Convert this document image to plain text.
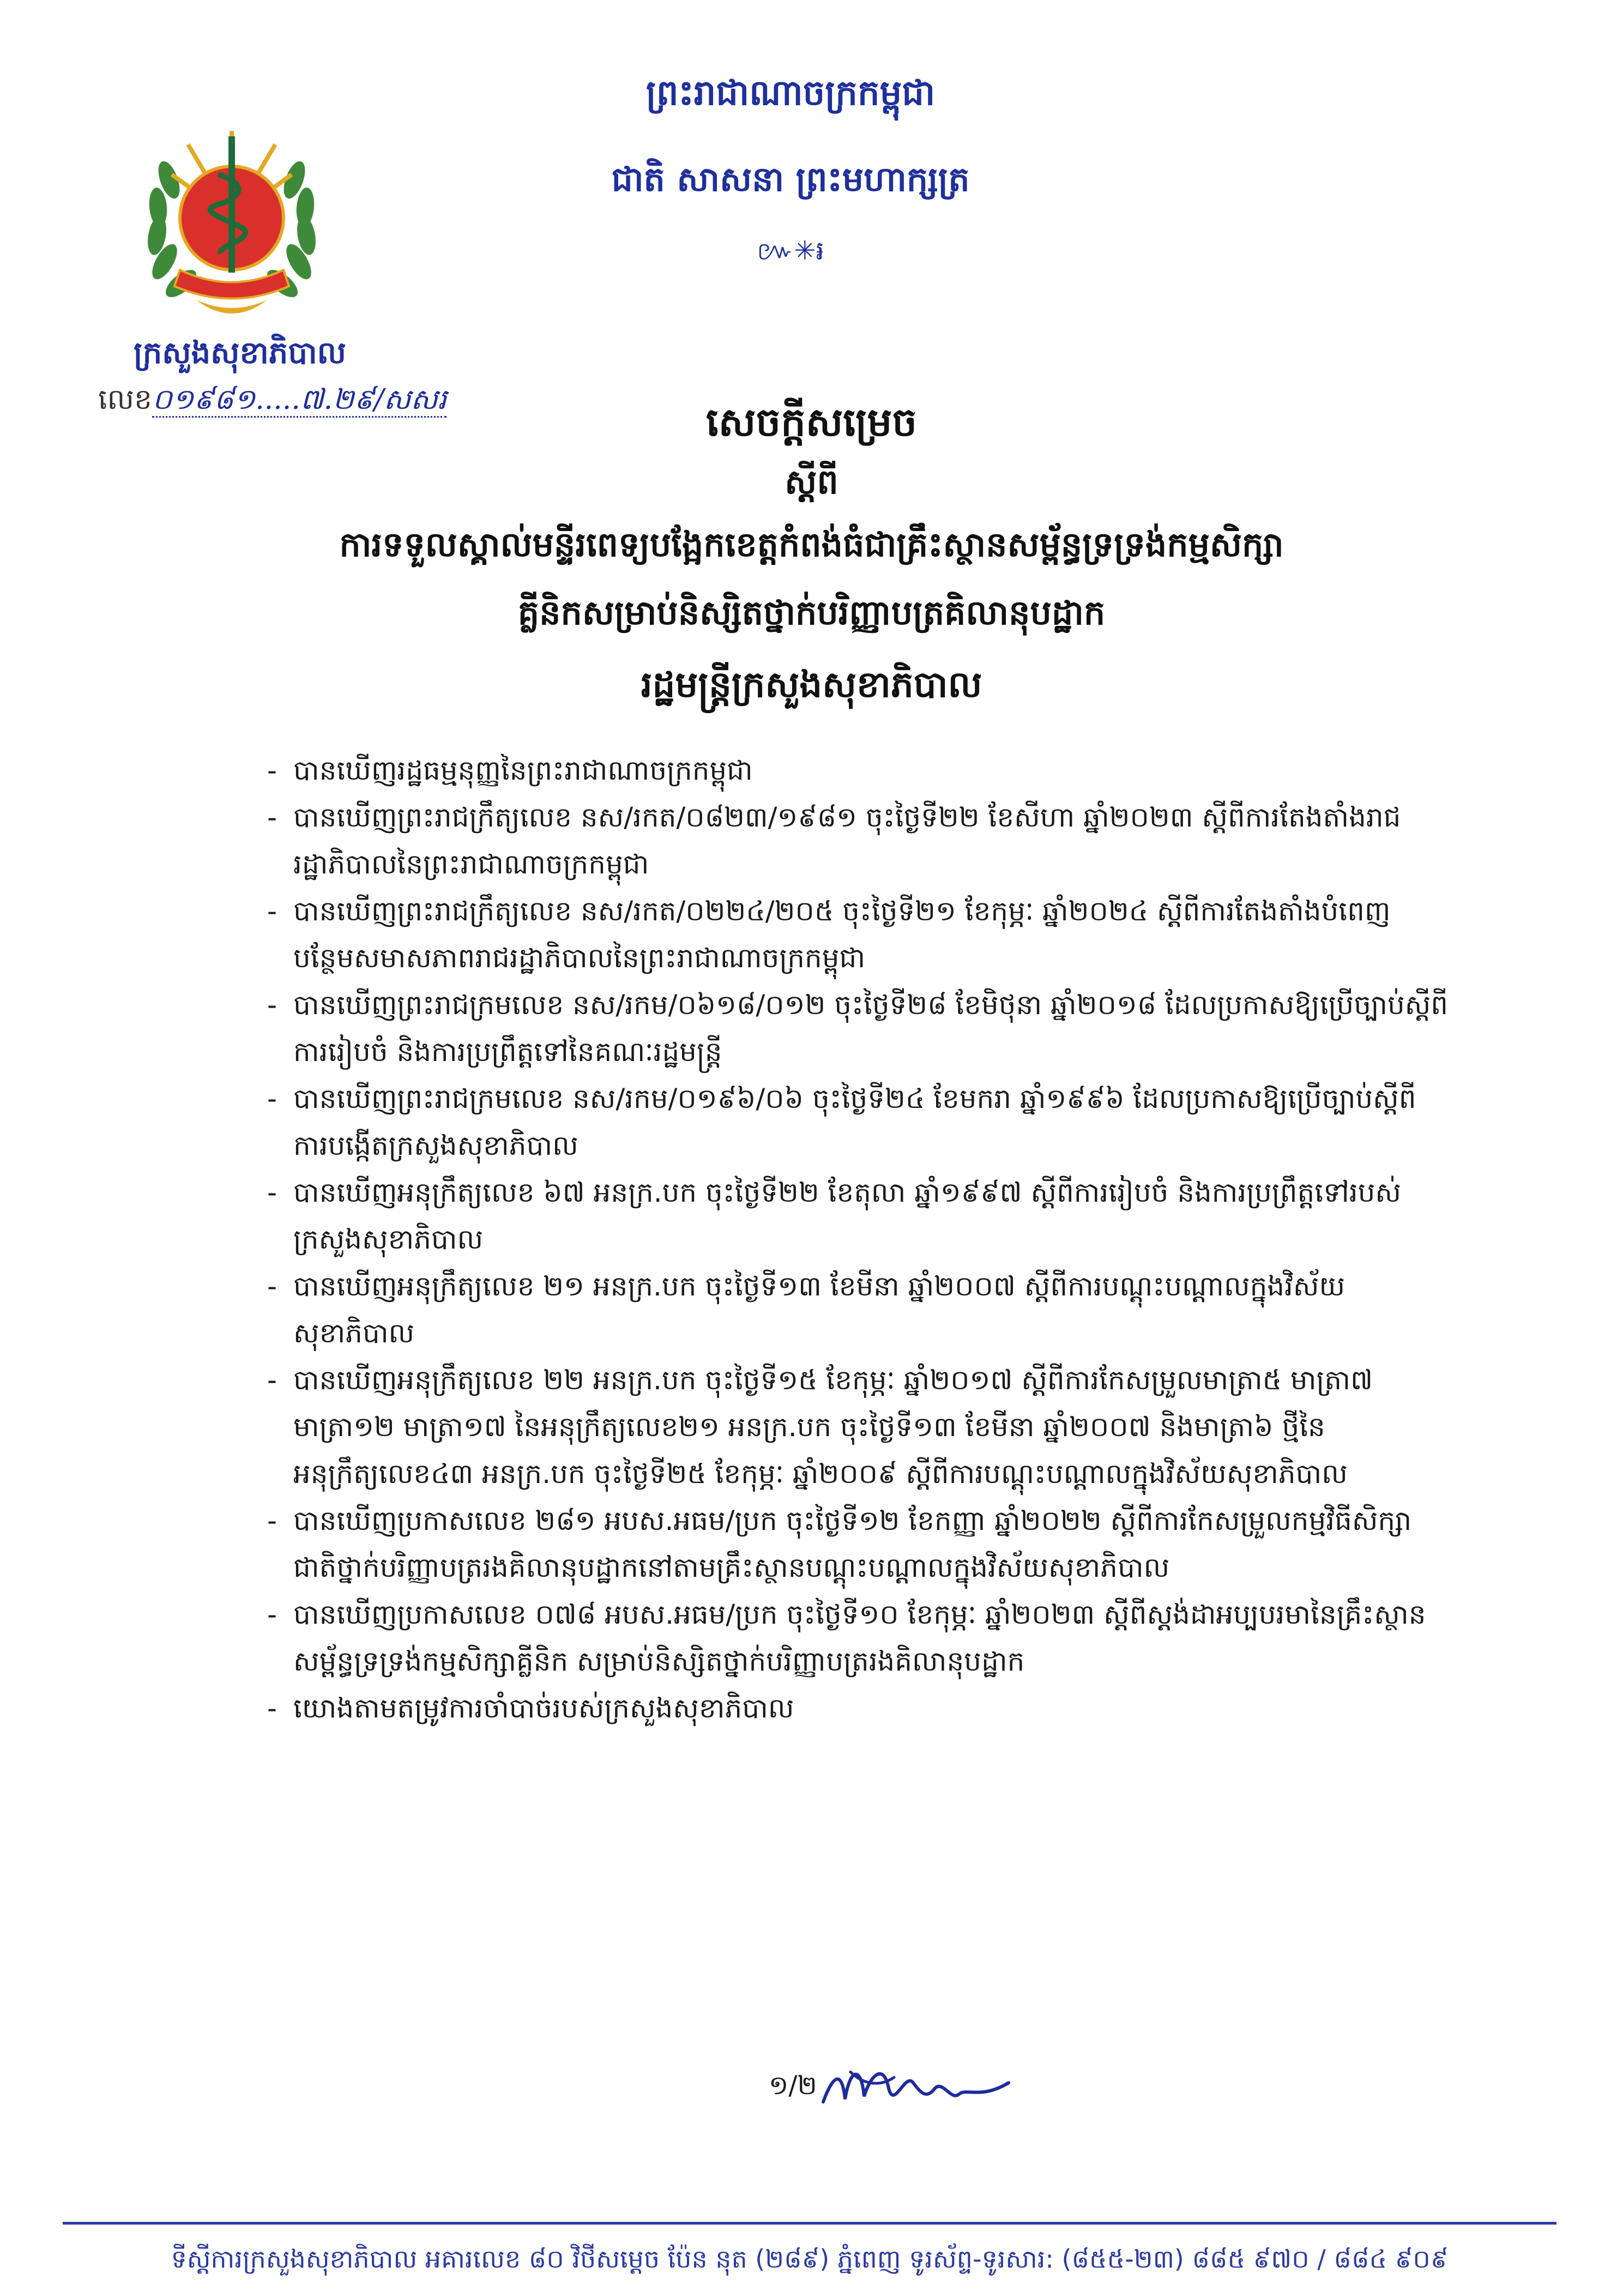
ក្រសួងសុខាភិបាល
លេខ០១៩៨១.....៧.២៩/សសរ
ព្រះរាជាណាចក្រកម្ពុជា
ជាតិ សាសនា ព្រះមហាក្សត្រ
៚✳៛
សេចក្ដីសម្រេច
ស្ដីពី
ការទទួលស្គាល់មន្ទីរពេទ្យបង្អែកខេត្តកំពង់ធំជាគ្រឹះស្ថានសម្ព័ន្ធទ្រទ្រង់កម្មសិក្សា
គ្លីនិកសម្រាប់និស្សិតថ្នាក់បរិញ្ញាបត្រគិលានុបដ្ឋាក
រដ្ឋមន្ត្រីក្រសួងសុខាភិបាល

- បានឃើញរដ្ឋធម្មនុញ្ញនៃព្រះរាជាណាចក្រកម្ពុជា

- បានឃើញព្រះរាជក្រឹត្យលេខ នស/រកត/០៨២៣/១៩៨១ ចុះថ្ងៃទី២២ ខែសីហា ឆ្នាំ២០២៣ ស្ដីពីការតែងតាំងរាជរដ្ឋាភិបាលនៃព្រះរាជាណាចក្រកម្ពុជា

- បានឃើញព្រះរាជក្រឹត្យលេខ នស/រកត/០២២៤/២០៥ ចុះថ្ងៃទី២១ ខែកុម្ភៈ ឆ្នាំ២០២៤ ស្ដីពីការតែងតាំងបំពេញបន្ថែមសមាសភាពរាជរដ្ឋាភិបាលនៃព្រះរាជាណាចក្រកម្ពុជា

- បានឃើញព្រះរាជក្រមលេខ នស/រកម/០៦១៨/០១២ ចុះថ្ងៃទី២៨ ខែមិថុនា ឆ្នាំ២០១៨ ដែលប្រកាសឱ្យប្រើច្បាប់ស្ដីពីការរៀបចំ និងការប្រព្រឹត្តទៅនៃគណៈរដ្ឋមន្ត្រី

- បានឃើញព្រះរាជក្រមលេខ នស/រកម/០១៩៦/០៦ ចុះថ្ងៃទី២៤ ខែមករា ឆ្នាំ១៩៩៦ ដែលប្រកាសឱ្យប្រើច្បាប់ស្ដីពីការបង្កើតក្រសួងសុខាភិបាល

- បានឃើញអនុក្រឹត្យលេខ ៦៧ អនក្រ.បក ចុះថ្ងៃទី២២ ខែតុលា ឆ្នាំ១៩៩៧ ស្ដីពីការរៀបចំ និងការប្រព្រឹត្តទៅរបស់ក្រសួងសុខាភិបាល

- បានឃើញអនុក្រឹត្យលេខ ២១ អនក្រ.បក ចុះថ្ងៃទី១៣ ខែមីនា ឆ្នាំ២០០៧ ស្ដីពីការបណ្ដុះបណ្ដាលក្នុងវិស័យសុខាភិបាល

- បានឃើញអនុក្រឹត្យលេខ ២២ អនក្រ.បក ចុះថ្ងៃទី១៥ ខែកុម្ភៈ ឆ្នាំ២០១៧ ស្ដីពីការកែសម្រួលមាត្រា៥ មាត្រា៧ មាត្រា១២ មាត្រា១៧ នៃអនុក្រឹត្យលេខ២១ អនក្រ.បក ចុះថ្ងៃទី១៣ ខែមីនា ឆ្នាំ២០០៧ និងមាត្រា៦ ថ្មីនៃអនុក្រឹត្យលេខ៤៣ អនក្រ.បក ចុះថ្ងៃទី២៥ ខែកុម្ភៈ ឆ្នាំ២០០៩ ស្ដីពីការបណ្ដុះបណ្ដាលក្នុងវិស័យសុខាភិបាល

- បានឃើញប្រកាសលេខ ២៨១ អបស.អធម/ប្រក ចុះថ្ងៃទី១២ ខែកញ្ញា ឆ្នាំ២០២២ ស្ដីពីការកែសម្រួលកម្មវិធីសិក្សាជាតិថ្នាក់បរិញ្ញាបត្ររងគិលានុបដ្ឋាកនៅតាមគ្រឹះស្ថានបណ្ដុះបណ្ដាលក្នុងវិស័យសុខាភិបាល

- បានឃើញប្រកាសលេខ ០៧៨ អបស.អធម/ប្រក ចុះថ្ងៃទី១០ ខែកុម្ភៈ ឆ្នាំ២០២៣ ស្ដីពីស្ដង់ដាអប្បបរមានៃគ្រឹះស្ថានសម្ព័ន្ធទ្រទ្រង់កម្មសិក្សាគ្លីនិក សម្រាប់និស្សិតថ្នាក់បរិញ្ញាបត្ររងគិលានុបដ្ឋាក

- យោងតាមតម្រូវការចាំបាច់របស់ក្រសួងសុខាភិបាល

១/២
ទីស្ដីការក្រសួងសុខាភិបាល​ អគារលេខ ៨០ វិថីសម្ដេច ប៉ែន នុត (២៨៩) ភ្នំពេញ ទូរស័ព្ទ-ទូរសារ: (៨៥៥-២៣) ៨៨៥ ៩៧០ / ៨៨៤ ៩០៩
